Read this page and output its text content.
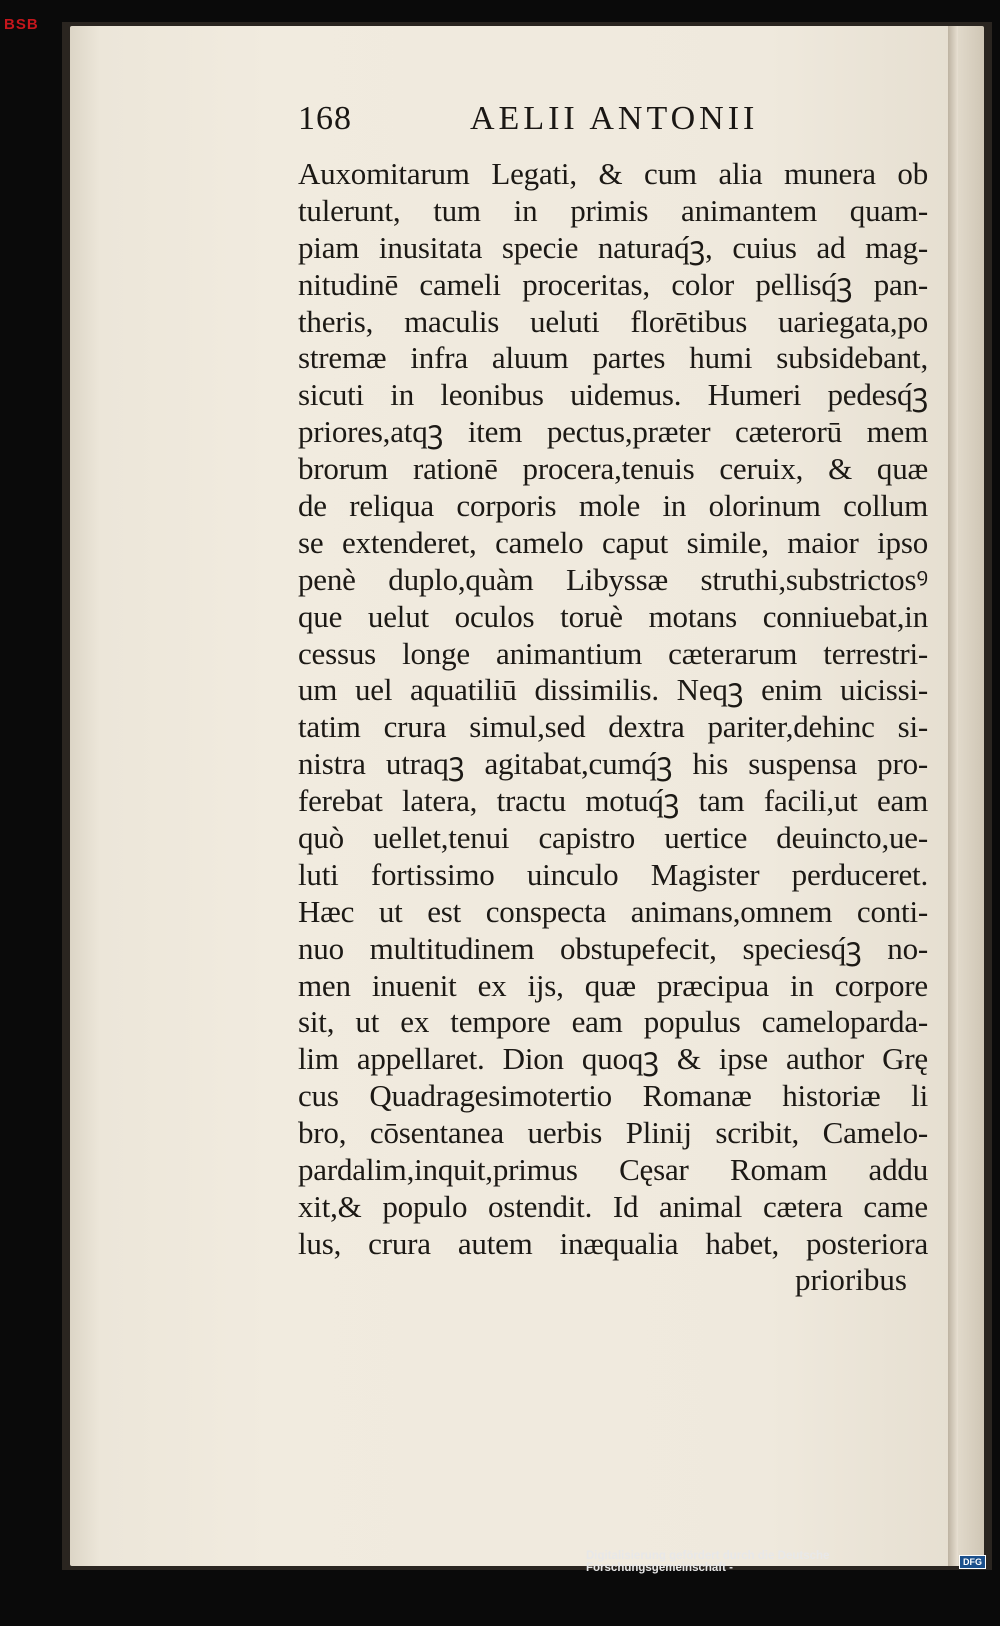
BSB
168	AELII ANTONII
Auxomitarum Legati, & cum alia munera ob
tulerunt, tum in primis animantem quam-
piam inusitata specie naturaq́ꝫ, cuius ad mag-
nitudinē cameli proceritas, color pellisq́ꝫ pan-
theris, maculis ueluti florētibus uariegata,po
stremæ infra aluum partes humi subsidebant,
sicuti in leonibus uidemus. Humeri pedesq́ꝫ
priores,atqꝫ item pectus,præter cæterorū mem
brorum rationē procera,tenuis ceruix, & quæ
de reliqua corporis mole in olorinum collum
se extenderet, camelo caput simile, maior ipso
penè duplo,quàm Libyssæ struthi,substrictosꝰ
que uelut oculos toruè motans conniuebat,in
cessus longe animantium cæterarum terrestri-
um uel aquatiliū dissimilis. Neqꝫ enim uicissi-
tatim crura simul,sed dextra pariter,dehinc si-
nistra utraqꝫ agitabat,cumq́ꝫ his suspensa pro-
ferebat latera, tractu motuq́ꝫ tam facili,ut eam
quò uellet,tenui capistro uertice deuincto,ue-
luti fortissimo uinculo Magister perduceret.
Hæc ut est conspecta animans,omnem conti-
nuo multitudinem obstupefecit, speciesq́ꝫ no-
men inuenit ex ijs, quæ præcipua in corpore
sit, ut ex tempore eam populus cameloparda-
lim appellaret. Dion quoqꝫ & ipse author Grę
cus Quadragesimotertio Romanæ historiæ li
bro, cōsentanea uerbis Plinij scribit, Camelo-
pardalim,inquit,primus Cęsar Romam addu
xit,& populo ostendit. Id animal cætera came
lus, crura autem inæqualia habet, posteriora
prioribus
Digitalisierung gefördert durch die Deutsche Forschungsgemeinschaft -	DFG
